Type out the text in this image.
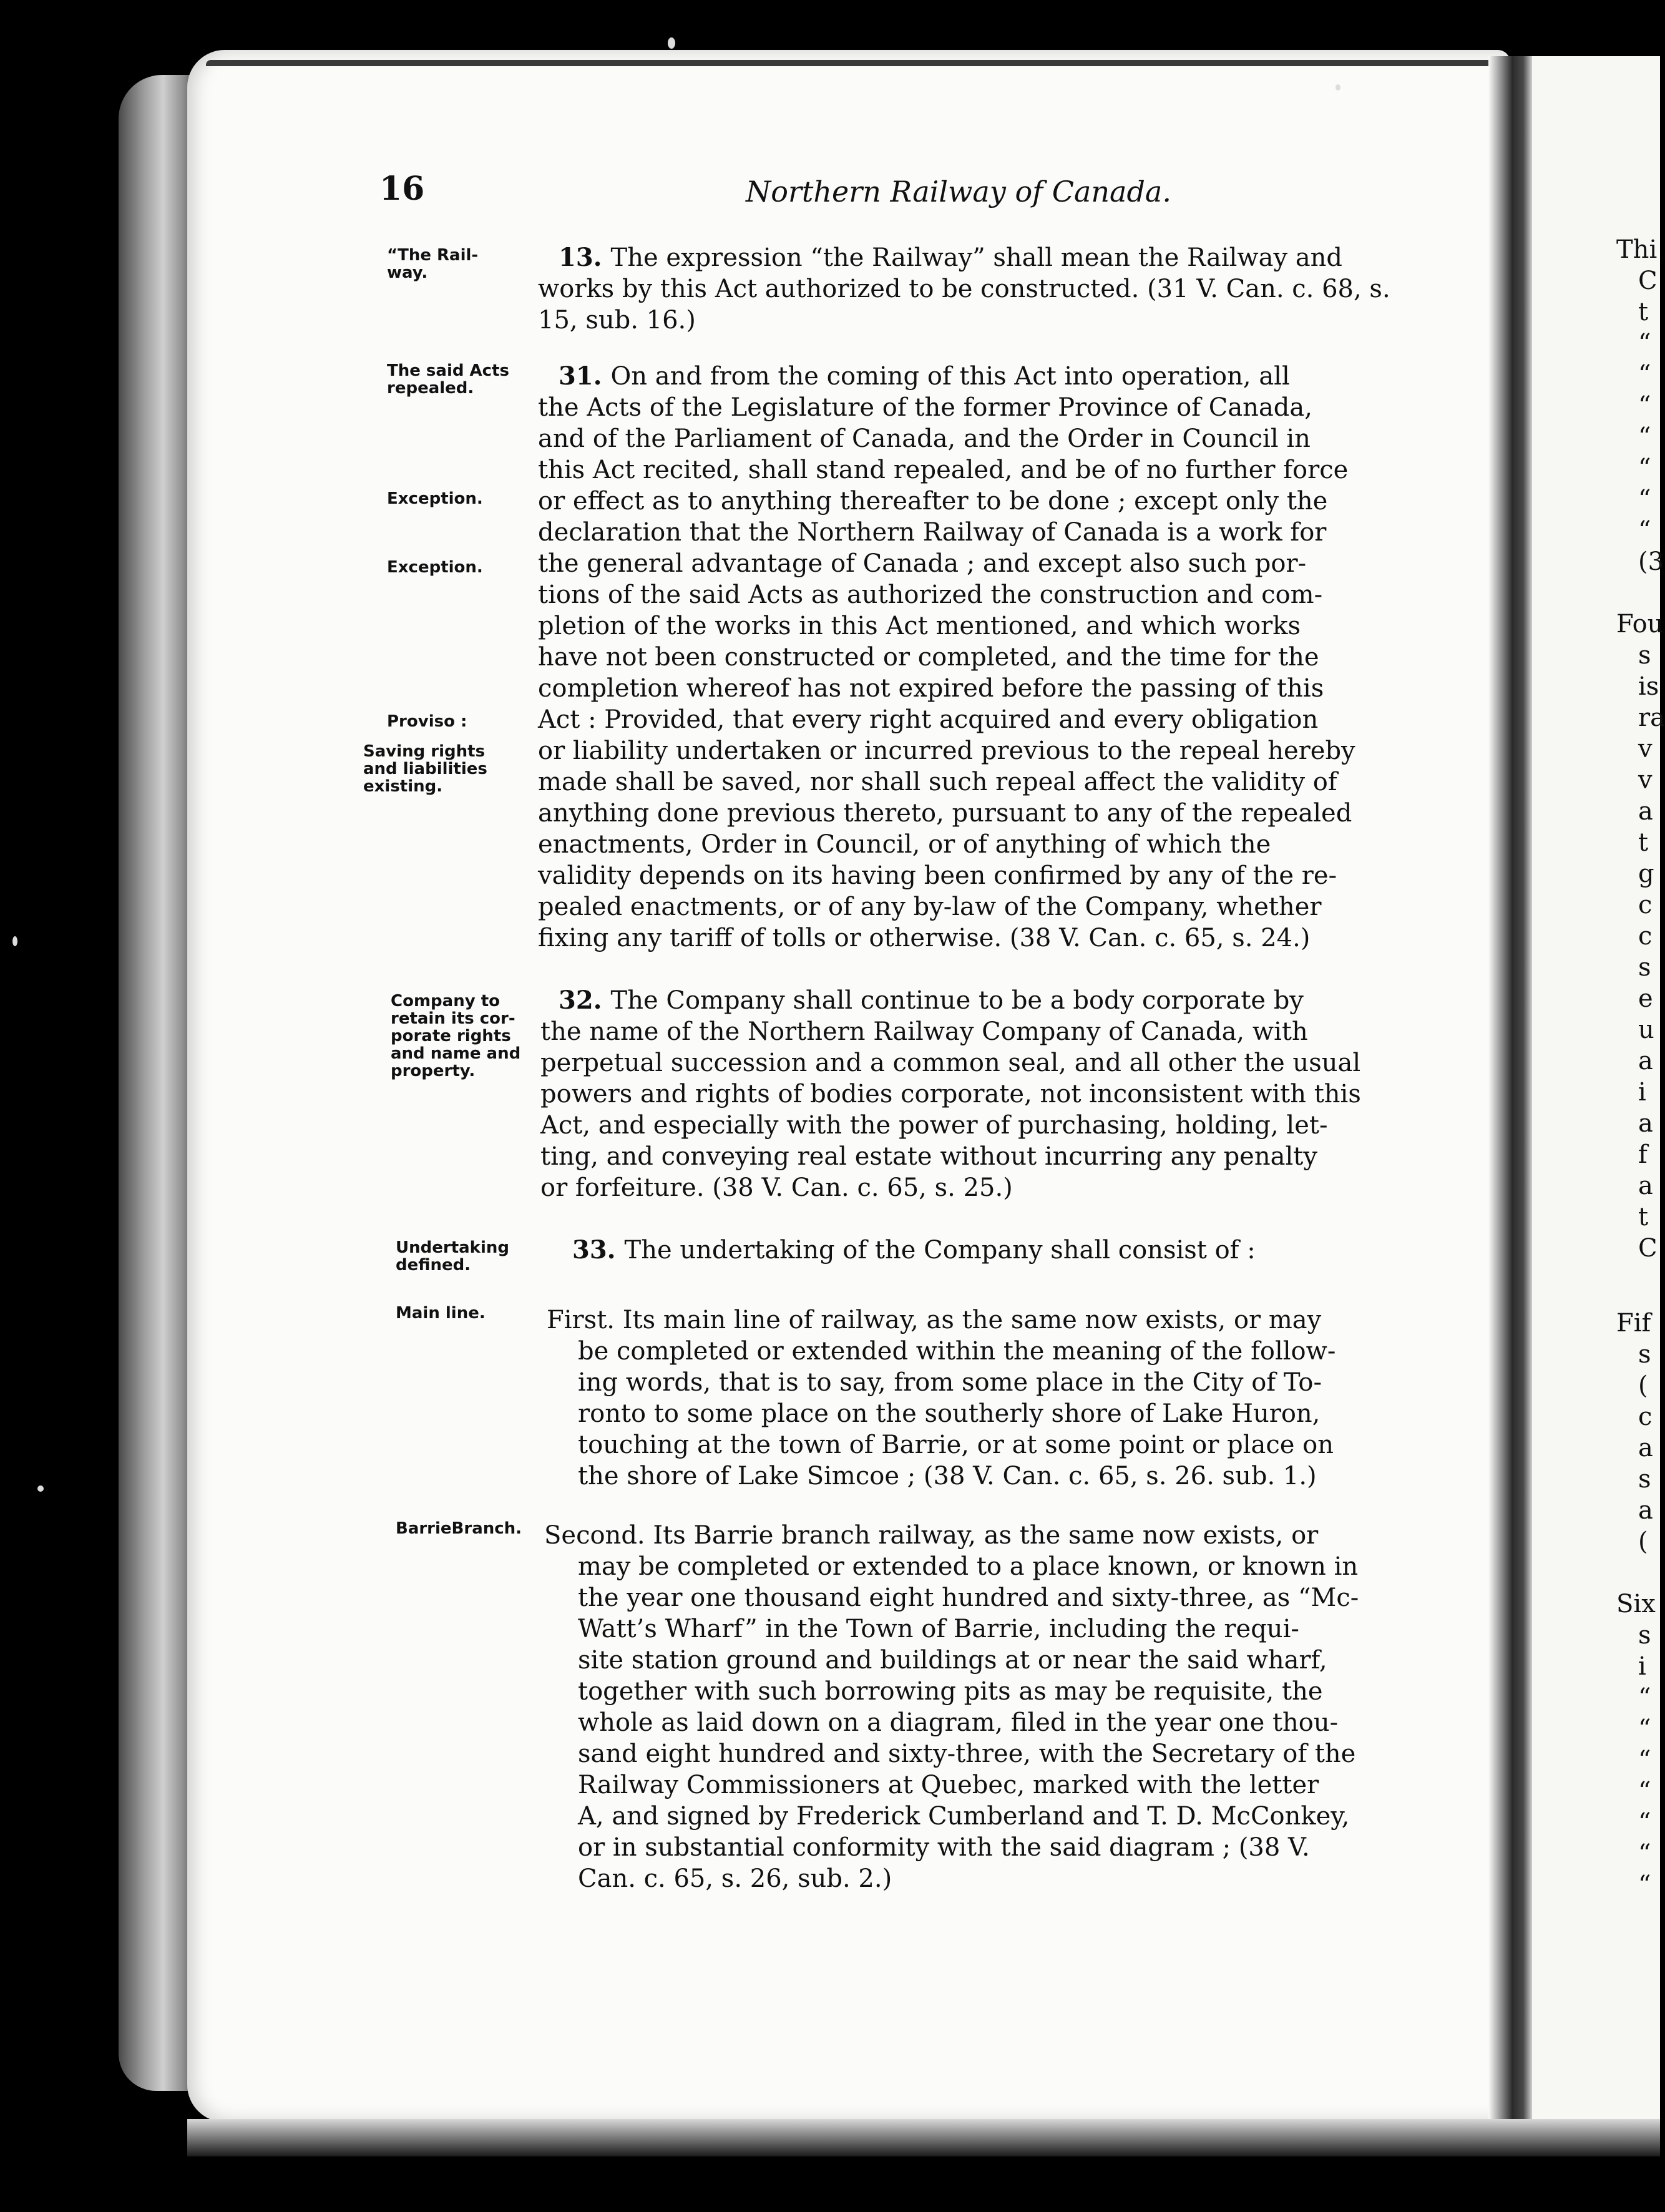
16	Northern Railway of Canada.
“The Rail-
way.
The said Acts
repealed.
Exception.
Exception.
Proviso :
Saving rights
and liabilities
existing.
Company to
retain its cor-
porate rights
and name and
property.
Undertaking
defined.
Main line.
BarrieBranch.
13. The expression “the Railway” shall mean the Railway and
works by this Act authorized to be constructed. (31 V. Can. c. 68, s.
15, sub. 16.)
31. On and from the coming of this Act into operation, all
the Acts of the Legislature of the former Province of Canada,
and of the Parliament of Canada, and the Order in Council in
this Act recited, shall stand repealed, and be of no further force
or effect as to anything thereafter to be done ; except only the
declaration that the Northern Railway of Canada is a work for
the general advantage of Canada ; and except also such por-
tions of the said Acts as authorized the construction and com-
pletion of the works in this Act mentioned, and which works
have not been constructed or completed, and the time for the
completion whereof has not expired before the passing of this
Act : Provided, that every right acquired and every obligation
or liability undertaken or incurred previous to the repeal hereby
made shall be saved, nor shall such repeal affect the validity of
anything done previous thereto, pursuant to any of the repealed
enactments, Order in Council, or of anything of which the
validity depends on its having been confirmed by any of the re-
pealed enactments, or of any by-law of the Company, whether
fixing any tariff of tolls or otherwise. (38 V. Can. c. 65, s. 24.)
32. The Company shall continue to be a body corporate by
the name of the Northern Railway Company of Canada, with
perpetual succession and a common seal, and all other the usual
powers and rights of bodies corporate, not inconsistent with this
Act, and especially with the power of purchasing, holding, let-
ting, and conveying real estate without incurring any penalty
or forfeiture. (38 V. Can. c. 65, s. 25.)
33. The undertaking of the Company shall consist of :
First. Its main line of railway, as the same now exists, or may
be completed or extended within the meaning of the follow-
ing words, that is to say, from some place in the City of To-
ronto to some place on the southerly shore of Lake Huron,
touching at the town of Barrie, or at some point or place on
the shore of Lake Simcoe ; (38 V. Can. c. 65, s. 26. sub. 1.)
Second. Its Barrie branch railway, as the same now exists, or
may be completed or extended to a place known, or known in
the year one thousand eight hundred and sixty-three, as “Mc-
Watt’s Wharf” in the Town of Barrie, including the requi-
site station ground and buildings at or near the said wharf,
together with such borrowing pits as may be requisite, the
whole as laid down on a diagram, filed in the year one thou-
sand eight hundred and sixty-three, with the Secretary of the
Railway Commissioners at Quebec, marked with the letter
A, and signed by Frederick Cumberland and T. D. McConkey,
or in substantial conformity with the said diagram ; (38 V.
Can. c. 65, s. 26, sub. 2.)
Thi
C
t
“
“
“
“
“
“
“
(3
Fou
s
is
ra
v
v
a
t
g
c
c
s
e
u
a
i
a
f
a
t
C
Fif
s
(
c
a
s
a
(
Six
s
i
“
“
“
“
“
“
“
